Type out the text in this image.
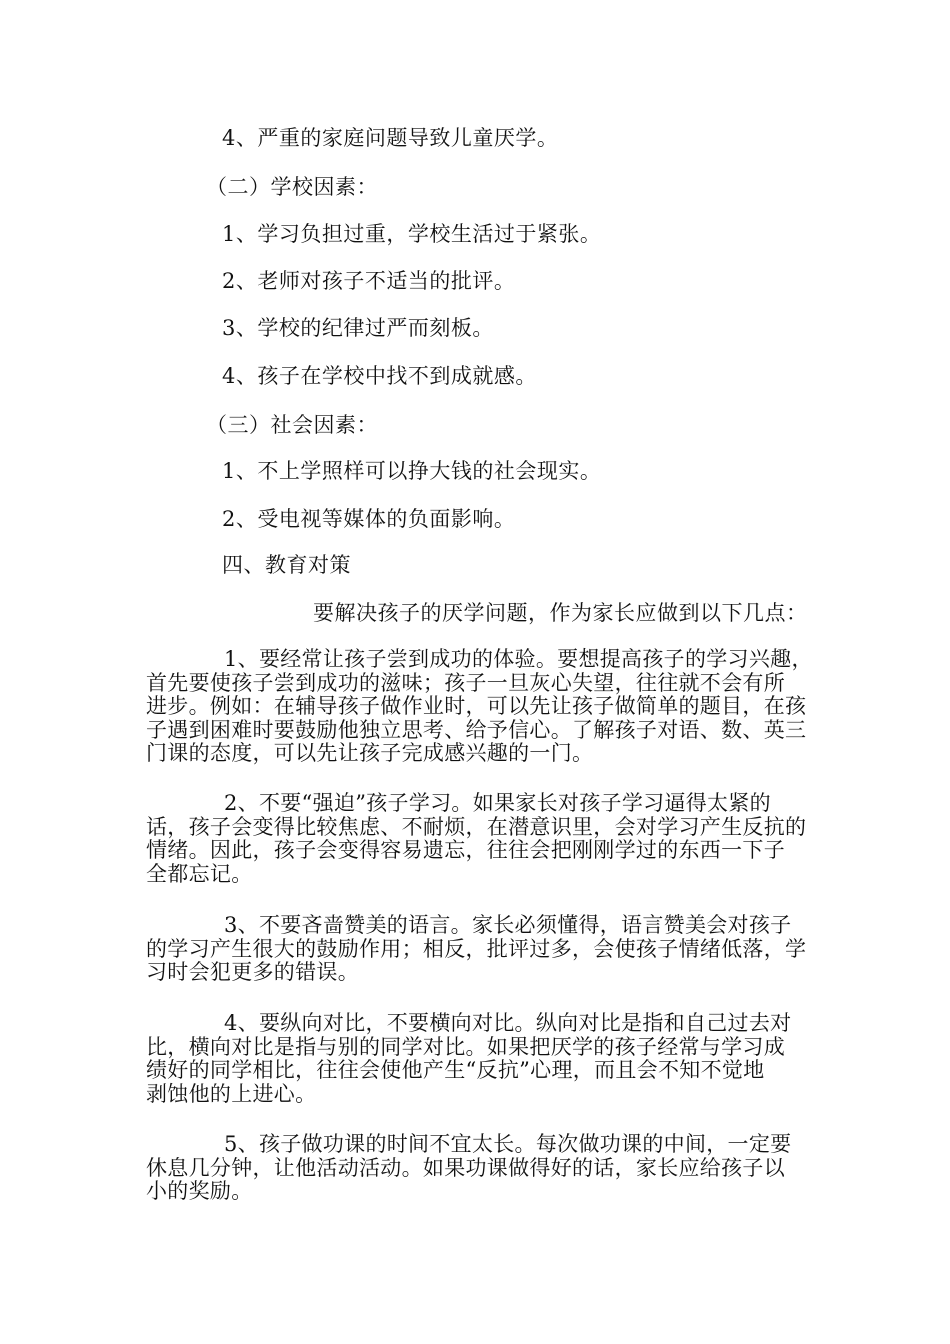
4、严重的家庭问题导致儿童厌学。
（二）学校因素：
1、学习负担过重，学校生活过于紧张。
2、老师对孩子不适当的批评。
3、学校的纪律过严而刻板。
4、孩子在学校中找不到成就感。
（三）社会因素：
1、不上学照样可以挣大钱的社会现实。
2、受电视等媒体的负面影响。
四、教育对策
要解决孩子的厌学问题，作为家长应做到以下几点：
1、要经常让孩子尝到成功的体验。要想提高孩子的学习兴趣，
首先要使孩子尝到成功的滋味；孩子一旦灰心失望，往往就不会有所
进步。例如：在辅导孩子做作业时，可以先让孩子做简单的题目，在孩
子遇到困难时要鼓励他独立思考、给予信心。了解孩子对语、数、英三
门课的态度，可以先让孩子完成感兴趣的一门。
2、不要“强迫”孩子学习。如果家长对孩子学习逼得太紧的
话，孩子会变得比较焦虑、不耐烦，在潜意识里，会对学习产生反抗的
情绪。因此，孩子会变得容易遗忘，往往会把刚刚学过的东西一下子
全都忘记。
3、不要吝啬赞美的语言。家长必须懂得，语言赞美会对孩子
的学习产生很大的鼓励作用；相反，批评过多，会使孩子情绪低落，学
习时会犯更多的错误。
4、要纵向对比，不要横向对比。纵向对比是指和自己过去对
比，横向对比是指与别的同学对比。如果把厌学的孩子经常与学习成
绩好的同学相比，往往会使他产生“反抗”心理，而且会不知不觉地
剥蚀他的上进心。
5、孩子做功课的时间不宜太长。每次做功课的中间，一定要
休息几分钟，让他活动活动。如果功课做得好的话，家长应给孩子以
小的奖励。
